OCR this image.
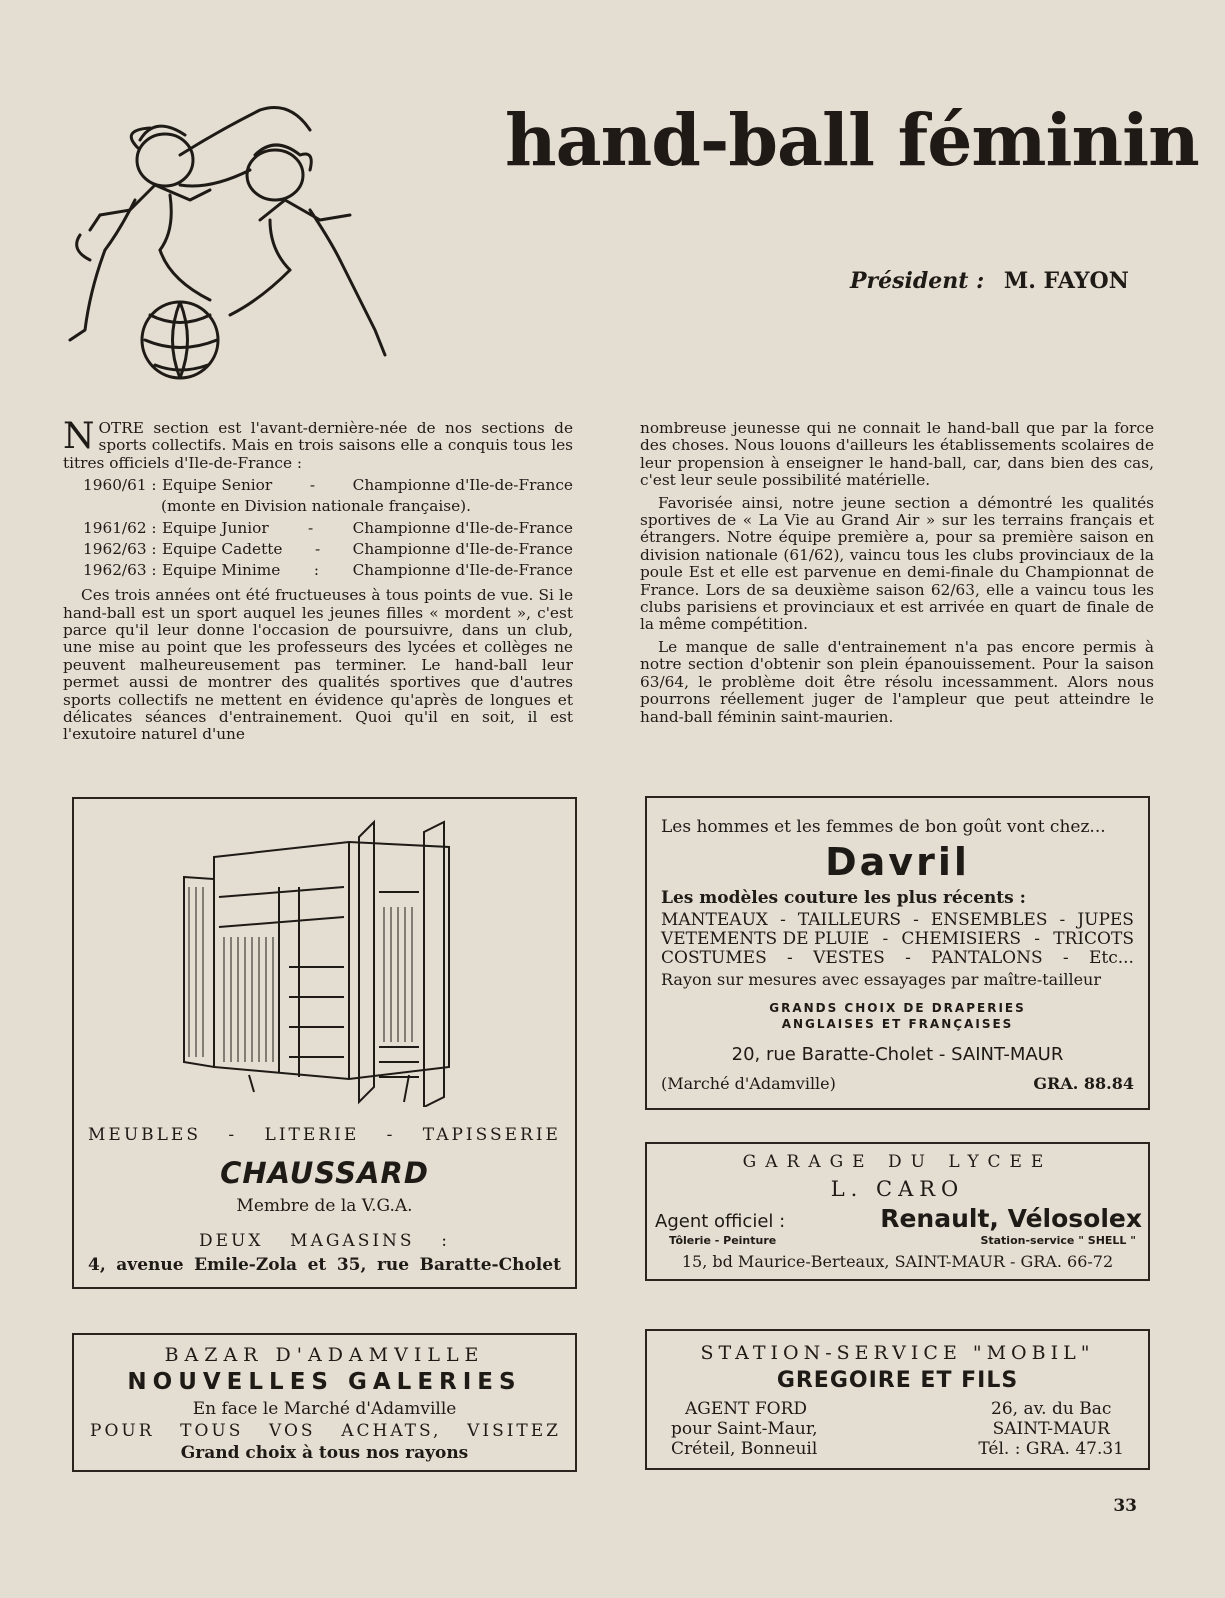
hand-ball féminin
Président : M. FAYON

NOTRE section est l'avant-dernière-née de nos sections de sports collectifs. Mais en trois saisons elle a conquis tous les titres officiels d'Ile-de-France :

1960/61 : Equipe Senior - Championne d'Ile-de-France
(monte en Division nationale française).
1961/62 : Equipe Junior	-	Championne d'Ile-de-France
1962/63 : Equipe Cadette - Championne d'Ile-de-France
1962/63 : Equipe Minime : Championne d'Ile-de-France

Ces trois années ont été fructueuses à tous points de vue. Si le hand-ball est un sport auquel les jeunes filles « mordent », c'est parce qu'il leur donne l'occasion de poursuivre, dans un club, une mise au point que les professeurs des lycées et collèges ne peuvent malheureusement pas terminer. Le hand-ball leur permet aussi de montrer des qualités sportives que d'autres sports collectifs ne mettent en évidence qu'après de longues et délicates séances d'entrainement. Quoi qu'il en soit, il est l'exutoire naturel d'une

nombreuse jeunesse qui ne connait le hand-ball que par la force des choses. Nous louons d'ailleurs les établissements scolaires de leur propension à enseigner le hand-ball, car, dans bien des cas, c'est leur seule possibilité matérielle.

Favorisée ainsi, notre jeune section a démontré les qualités sportives de « La Vie au Grand Air » sur les terrains français et étrangers. Notre équipe première a, pour sa première saison en division nationale (61/62), vaincu tous les clubs provinciaux de la poule Est et elle est parvenue en demi-finale du Championnat de France. Lors de sa deuxième saison 62/63, elle a vaincu tous les clubs parisiens et provinciaux et est arrivée en quart de finale de la même compétition.

Le manque de salle d'entrainement n'a pas encore permis à notre section d'obtenir son plein épanouissement. Pour la saison 63/64, le problème doit être résolu incessamment. Alors nous pourrons réellement juger de l'ampleur que peut atteindre le hand-ball féminin saint-maurien.

MEUBLES - LITERIE - TAPISSERIE
CHAUSSARD
Membre de la V.G.A.
DEUX MAGASINS :
4, avenue Emile-Zola et 35, rue Baratte-Cholet
Les hommes et les femmes de bon goût vont chez...
Davril
Les modèles couture les plus récents :
MANTEAUX - TAILLEURS - ENSEMBLES - JUPES
VETEMENTS DE PLUIE - CHEMISIERS - TRICOTS
COSTUMES - VESTES - PANTALONS - Etc...
Rayon sur mesures avec essayages par maître-tailleur
GRANDS CHOIX DE DRAPERIES
ANGLAISES ET FRANÇAISES
20, rue Baratte-Cholet - SAINT-MAUR
(Marché d'Adamville)	GRA. 88.84
GARAGE DU LYCEE
L. CARO
Agent officiel :	Renault, Vélosolex
Tôlerie - Peinture	Station-service " SHELL "
15, bd Maurice-Berteaux, SAINT-MAUR - GRA. 66-72
BAZAR D'ADAMVILLE
NOUVELLES GALERIES
En face le Marché d'Adamville
POUR TOUS VOS ACHATS, VISITEZ
Grand choix à tous nos rayons
STATION-SERVICE "MOBIL"
GREGOIRE ET FILS
AGENT FORD
pour Saint-Maur,
Créteil, Bonneuil
26, av. du Bac
SAINT-MAUR
Tél. : GRA. 47.31
33
